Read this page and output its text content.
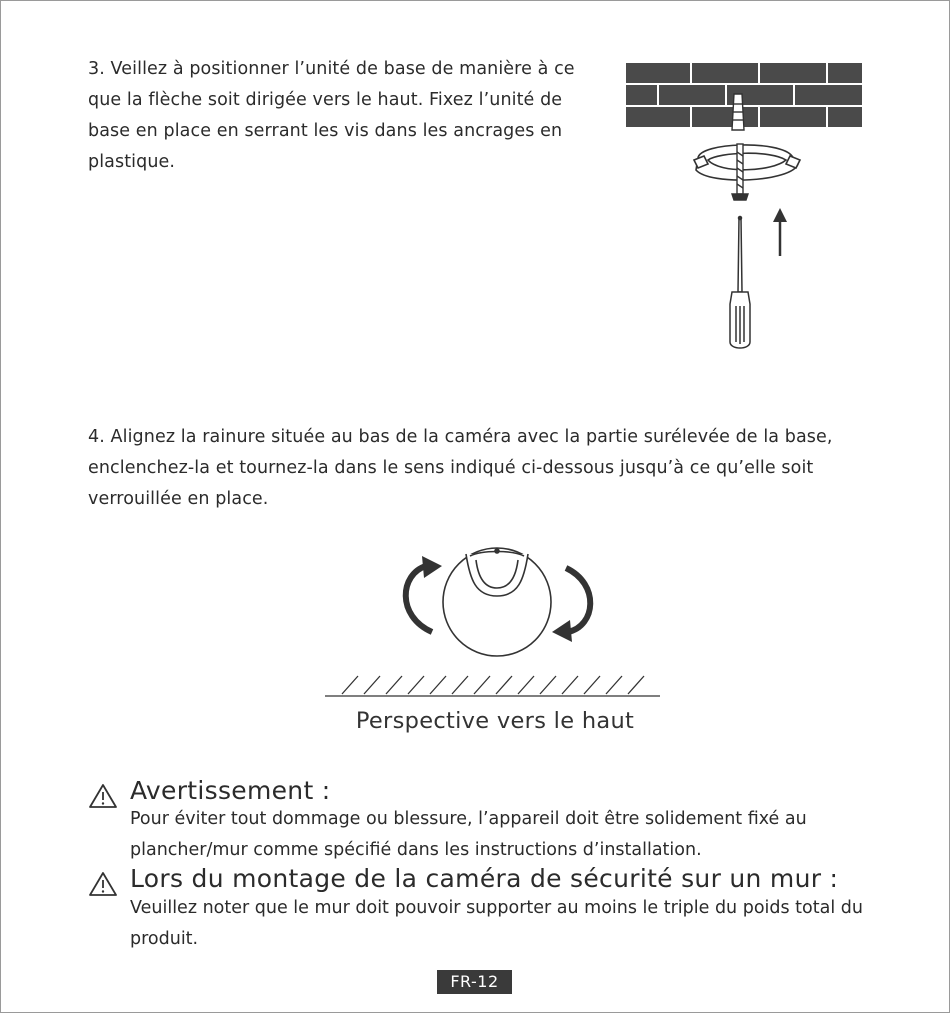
3. Veillez à positionner l’unité de base de manière à ce que la flèche soit dirigée vers le haut. Fixez l’unité de base en place en serrant les vis dans les ancrages en plastique.
4. Alignez la rainure située au bas de la caméra avec la partie surélevée de la base, enclenchez-la et tournez-la dans le sens indiqué ci-dessous jusqu’à ce qu’elle soit verrouillée en place.
Perspective vers le haut
Avertissement :
Pour éviter tout dommage ou blessure, l’appareil doit être solidement fixé au plancher/mur comme spécifié dans les instructions d’installation.
Lors du montage de la caméra de sécurité sur un mur :
Veuillez noter que le mur doit pouvoir supporter au moins le triple du poids total du produit.
FR-12
